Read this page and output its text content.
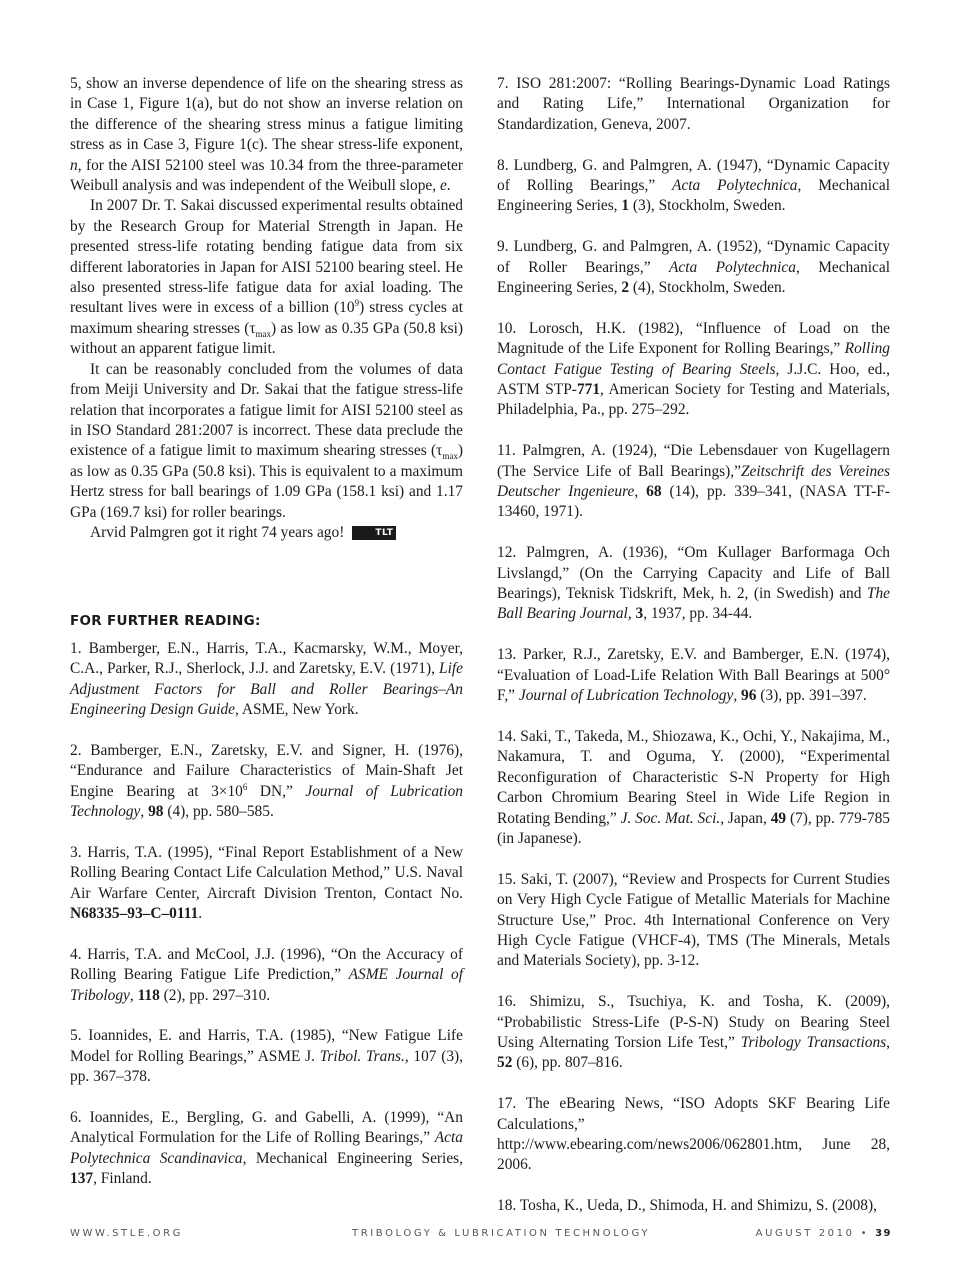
5, show an inverse dependence of life on the shearing stress as in Case 1, Figure 1(a), but do not show an inverse relation on the difference of the shearing stress minus a fatigue limiting stress as in Case 3, Figure 1(c). The shear stress-life exponent, n, for the AISI 52100 steel was 10.34 from the three-parameter Weibull analysis and was independent of the Weibull slope, e.

In 2007 Dr. T. Sakai discussed experimental results obtained by the Research Group for Material Strength in Japan. He presented stress-life rotating bending fatigue data from six different laboratories in Japan for AISI 52100 bearing steel. He also presented stress-life fatigue data for axial loading. The resultant lives were in excess of a billion $(10^9)$ stress cycles at maximum shearing stresses $(\tau_{max})$ as low as 0.35 GPa (50.8 ksi) without an apparent fatigue limit.

It can be reasonably concluded from the volumes of data from Meiji University and Dr. Sakai that the fatigue stress-life relation that incorporates a fatigue limit for AISI 52100 steel as in ISO Standard 281:2007 is incorrect. These data preclude the existence of a fatigue limit to maximum shearing stresses $(\tau_{max})$ as low as 0.35 GPa (50.8 ksi). This is equivalent to a maximum Hertz stress for ball bearings of 1.09 GPa (158.1 ksi) and 1.17 GPa (169.7 ksi) for roller bearings.

Arvid Palmgren got it right 74 years ago!	TLT

FOR FURTHER READING:

1. Bamberger, E.N., Harris, T.A., Kacmarsky, W.M., Moyer, C.A., Parker, R.J., Sherlock, J.J. and Zaretsky, E.V. (1971), Life Adjustment Factors for Ball and Roller Bearings–An Engineering Design Guide, ASME, New York.

2. Bamberger, E.N., Zaretsky, E.V. and Signer, H. (1976), “Endurance and Failure Characteristics of Main-Shaft Jet Engine Bearing at $3\times 10^6$ DN,” Journal of Lubrication Technology, 98 (4), pp. 580–585.

3. Harris, T.A. (1995), “Final Report Establishment of a New Rolling Bearing Contact Life Calculation Method,” U.S. Naval Air Warfare Center, Aircraft Division Trenton, Contact No. N68335–93–C–0111.

4. Harris, T.A. and McCool, J.J. (1996), “On the Accuracy of Rolling Bearing Fatigue Life Prediction,” ASME Journal of Tribology, 118 (2), pp. 297–310.

5. Ioannides, E. and Harris, T.A. (1985), “New Fatigue Life Model for Rolling Bearings,” ASME J. Tribol. Trans., 107 (3), pp. 367–378.

6. Ioannides, E., Bergling, G. and Gabelli, A. (1999), “An Analytical Formulation for the Life of Rolling Bearings,” Acta Polytechnica Scandinavica, Mechanical Engineering Series, 137, Finland.

7. ISO 281:2007: “Rolling Bearings-Dynamic Load Ratings and Rating Life,” International Organization for Standardization, Geneva, 2007.

8. Lundberg, G. and Palmgren, A. (1947), “Dynamic Capacity of Rolling Bearings,” Acta Polytechnica, Mechanical Engineering Series, 1 (3), Stockholm, Sweden.

9. Lundberg, G. and Palmgren, A. (1952), “Dynamic Capacity of Roller Bearings,” Acta Polytechnica, Mechanical Engineering Series, 2 (4), Stockholm, Sweden.

10. Lorosch, H.K. (1982), “Influence of Load on the Magnitude of the Life Exponent for Rolling Bearings,” Rolling Contact Fatigue Testing of Bearing Steels, J.J.C. Hoo, ed., ASTM STP-771, American Society for Testing and Materials, Philadelphia, Pa., pp. 275–292.

11. Palmgren, A. (1924), “Die Lebensdauer von Kugellagern (The Service Life of Ball Bearings),”Zeitschrift des Vereines Deutscher Ingenieure, 68 (14), pp. 339–341, (NASA TT-F-13460, 1971).

12. Palmgren, A. (1936), “Om Kullager Barformaga Och Livslangd,” (On the Carrying Capacity and Life of Ball Bearings), Teknisk Tidskrift, Mek, h. 2, (in Swedish) and The Ball Bearing Journal, 3, 1937, pp. 34-44.

13. Parker, R.J., Zaretsky, E.V. and Bamberger, E.N. (1974), “Evaluation of Load-Life Relation With Ball Bearings at 500° F,” Journal of Lubrication Technology, 96 (3), pp. 391–397.

14. Saki, T., Takeda, M., Shiozawa, K., Ochi, Y., Nakajima, M., Nakamura, T. and Oguma, Y. (2000), “Experimental Reconfiguration of Characteristic S-N Property for High Carbon Chromium Bearing Steel in Wide Life Region in Rotating Bending,” J. Soc. Mat. Sci., Japan, 49 (7), pp. 779-785 (in Japanese).

15. Saki, T. (2007), “Review and Prospects for Current Studies on Very High Cycle Fatigue of Metallic Materials for Machine Structure Use,” Proc. 4th International Conference on Very High Cycle Fatigue (VHCF-4), TMS (The Minerals, Metals and Materials Society), pp. 3-12.

16. Shimizu, S., Tsuchiya, K. and Tosha, K. (2009), “Probabilistic Stress-Life (P-S-N) Study on Bearing Steel Using Alternating Torsion Life Test,” Tribology Transactions, 52 (6), pp. 807–816.

17. The eBearing News, “ISO Adopts SKF Bearing Life Calculations,” http://www.ebearing.com/news2006/062801.htm, June 28, 2006.

18. Tosha, K., Ueda, D., Shimoda, H. and Shimizu, S. (2008),

WWW.STLE.ORG	TRIBOLOGY & LUBRICATION TECHNOLOGY	AUGUST 2010 • 39
